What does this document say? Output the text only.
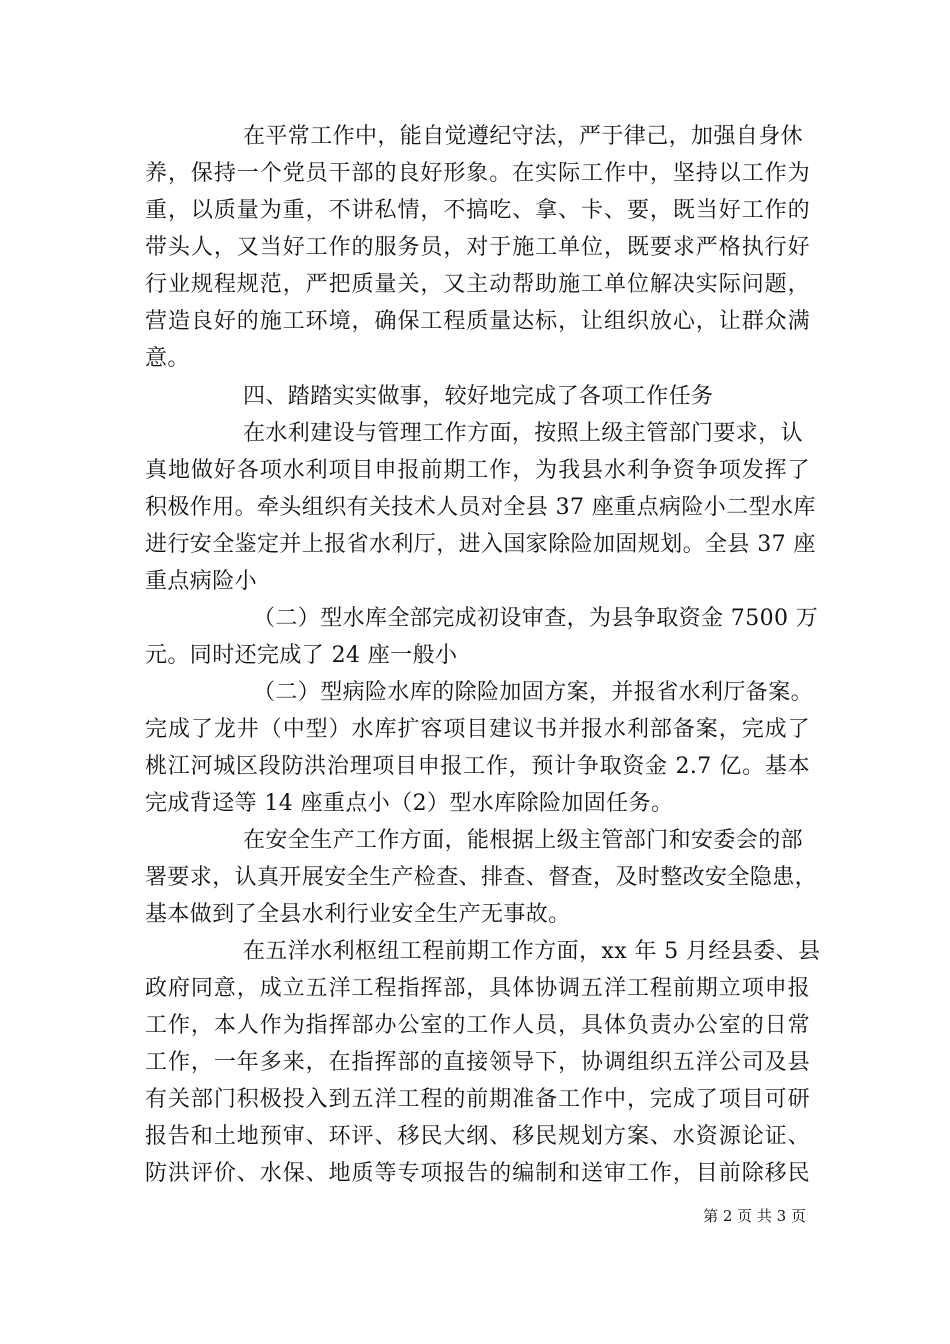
在平常工作中，能自觉遵纪守法，严于律己，加强自身休
养，保持一个党员干部的良好形象。在实际工作中，坚持以工作为
重，以质量为重，不讲私情，不搞吃、拿、卡、要，既当好工作的
带头人，又当好工作的服务员，对于施工单位，既要求严格执行好
行业规程规范，严把质量关，又主动帮助施工单位解决实际问题，
营造良好的施工环境，确保工程质量达标，让组织放心，让群众满
意。
四、踏踏实实做事，较好地完成了各项工作任务
在水利建设与管理工作方面，按照上级主管部门要求，认
真地做好各项水利项目申报前期工作，为我县水利争资争项发挥了
积极作用。牵头组织有关技术人员对全县 37 座重点病险小二型水库
进行安全鉴定并上报省水利厅，进入国家除险加固规划。全县 37 座
重点病险小
（二）型水库全部完成初设审查，为县争取资金 7500 万
元。同时还完成了 24 座一般小
（二）型病险水库的除险加固方案，并报省水利厅备案。
完成了龙井（中型）水库扩容项目建议书并报水利部备案，完成了
桃江河城区段防洪治理项目申报工作，预计争取资金 2.7 亿。基本
完成背迳等 14 座重点小（2）型水库除险加固任务。
在安全生产工作方面，能根据上级主管部门和安委会的部
署要求，认真开展安全生产检查、排查、督查，及时整改安全隐患，
基本做到了全县水利行业安全生产无事故。
在五洋水利枢纽工程前期工作方面，xx 年 5 月经县委、县
政府同意，成立五洋工程指挥部，具体协调五洋工程前期立项申报
工作，本人作为指挥部办公室的工作人员，具体负责办公室的日常
工作，一年多来，在指挥部的直接领导下，协调组织五洋公司及县
有关部门积极投入到五洋工程的前期准备工作中，完成了项目可研
报告和土地预审、环评、移民大纲、移民规划方案、水资源论证、
防洪评价、水保、地质等专项报告的编制和送审工作，目前除移民
第 2 页 共 3 页
